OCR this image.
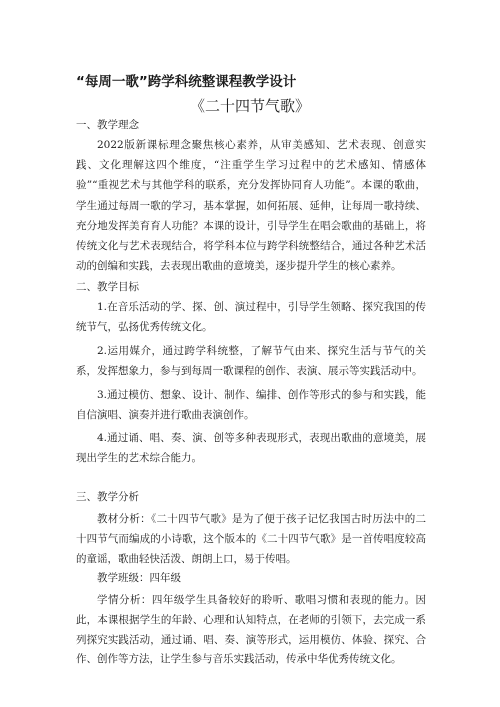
“每周一歌”跨学科统整课程教学设计
《二十四节气歌》
一、教学理念
2022版新课标理念聚焦核心素养，从审美感知、艺术表现、创意实践、文化理解这四个维度，“注重学生学习过程中的艺术感知、情感体验”“重视艺术与其他学科的联系，充分发挥协同育人功能”。本课的歌曲，学生通过每周一歌的学习，基本掌握，如何拓展、延伸，让每周一歌持续、充分地发挥美育育人功能？本课的设计，引导学生在唱会歌曲的基础上，将传统文化与艺术表现结合，将学科本位与跨学科统整结合，通过各种艺术活动的创编和实践，去表现出歌曲的意境美，逐步提升学生的核心素养。
二、教学目标
1.在音乐活动的学、探、创、演过程中，引导学生领略、探究我国的传统节气，弘扬优秀传统文化。
2.运用媒介，通过跨学科统整，了解节气由来、探究生活与节气的关系，发挥想象力，参与到每周一歌课程的创作、表演、展示等实践活动中。
3.通过模仿、想象、设计、制作、编排、创作等形式的参与和实践，能自信演唱、演奏并进行歌曲表演创作。
4.通过诵、唱、奏、演、创等多种表现形式，表现出歌曲的意境美，展现出学生的艺术综合能力。
三、教学分析
教材分析：《二十四节气歌》是为了便于孩子记忆我国古时历法中的二十四节气而编成的小诗歌，这个版本的《二十四节气歌》是一首传唱度较高的童谣，歌曲轻快活泼、朗朗上口，易于传唱。
教学班级：四年级
学情分析：四年级学生具备较好的聆听、歌唱习惯和表现的能力。因此，本课根据学生的年龄、心理和认知特点，在老师的引领下，去完成一系列探究实践活动，通过诵、唱、奏、演等形式，运用模仿、体验、探究、合作、创作等方法，让学生参与音乐实践活动，传承中华优秀传统文化。
